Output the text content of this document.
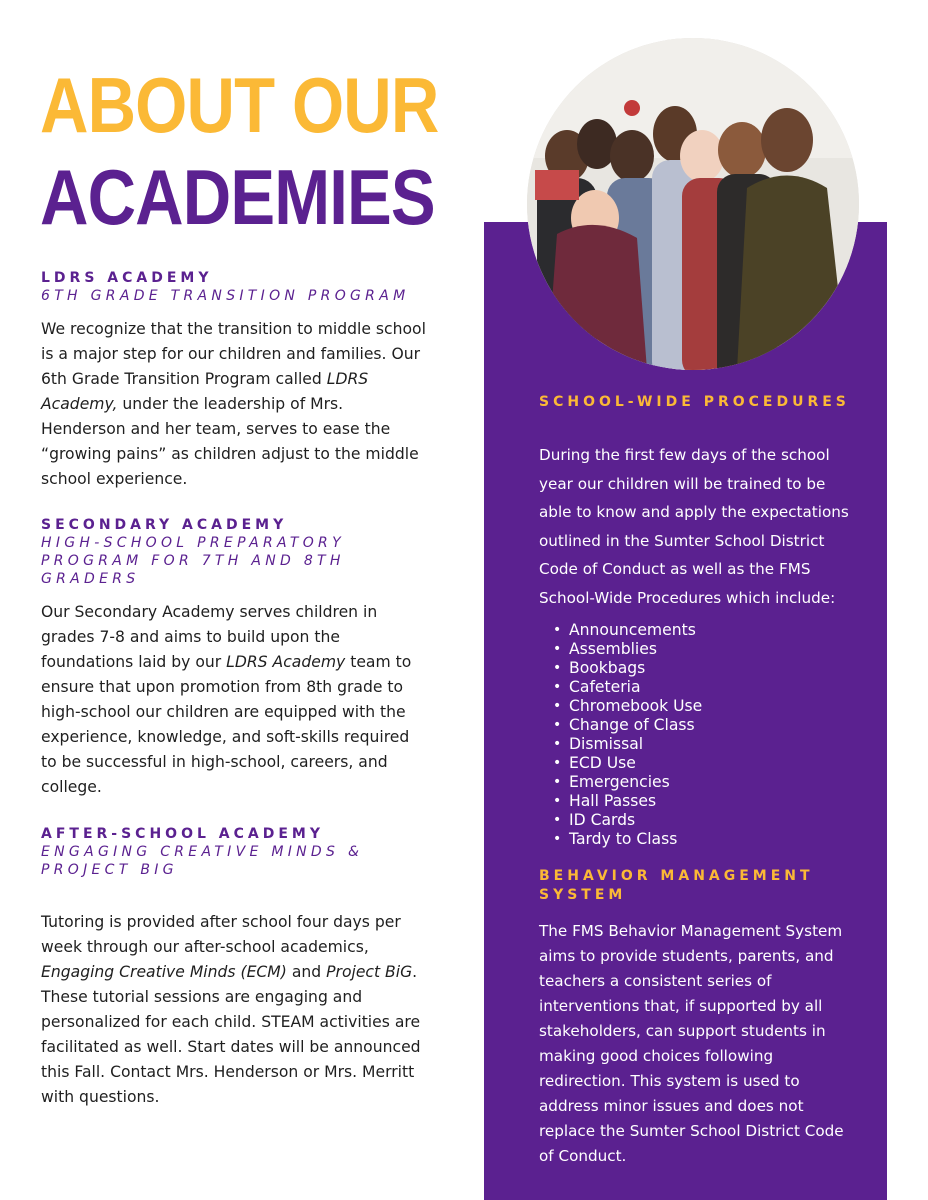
ABOUT OUR
ACADEMIES
LDRS ACADEMY
6TH GRADE TRANSITION PROGRAM
We recognize that the transition to middle school is a major step for our children and families. Our 6th Grade Transition Program called LDRS Academy, under the leadership of Mrs. Henderson and her team, serves to ease the “growing pains” as children adjust to the middle school experience.
SECONDARY ACADEMY
HIGH-SCHOOL PREPARATORY PROGRAM FOR 7TH AND 8TH GRADERS
Our Secondary Academy serves children in grades 7-8 and aims to build upon the foundations laid by our LDRS Academy team to ensure that upon promotion from 8th grade to high-school our children are equipped with the experience, knowledge, and soft-skills required to be successful in high-school, careers, and college.
AFTER-SCHOOL ACADEMY
ENGAGING CREATIVE MINDS & PROJECT BIG
Tutoring is provided after school four days per week through our after-school academics, Engaging Creative Minds (ECM) and Project BiG. These tutorial sessions are engaging and personalized for each child. STEAM activities are facilitated as well. Start dates will be announced this Fall. Contact Mrs. Henderson or Mrs. Merritt with questions.
SCHOOL-WIDE PROCEDURES
During the first few days of the school year our children will be trained to be able to know and apply the expectations outlined in the Sumter School District Code of Conduct as well as the FMS School-Wide Procedures which include:
• Announcements
• Assemblies
• Bookbags
• Cafeteria
• Chromebook Use
• Change of Class
• Dismissal
• ECD Use
• Emergencies
• Hall Passes
• ID Cards
• Tardy to Class
BEHAVIOR MANAGEMENT SYSTEM
The FMS Behavior Management System aims to provide students, parents, and teachers a consistent series of interventions that, if supported by all stakeholders, can support students in making good choices following redirection. This system is used to address minor issues and does not replace the Sumter School District Code of Conduct.
